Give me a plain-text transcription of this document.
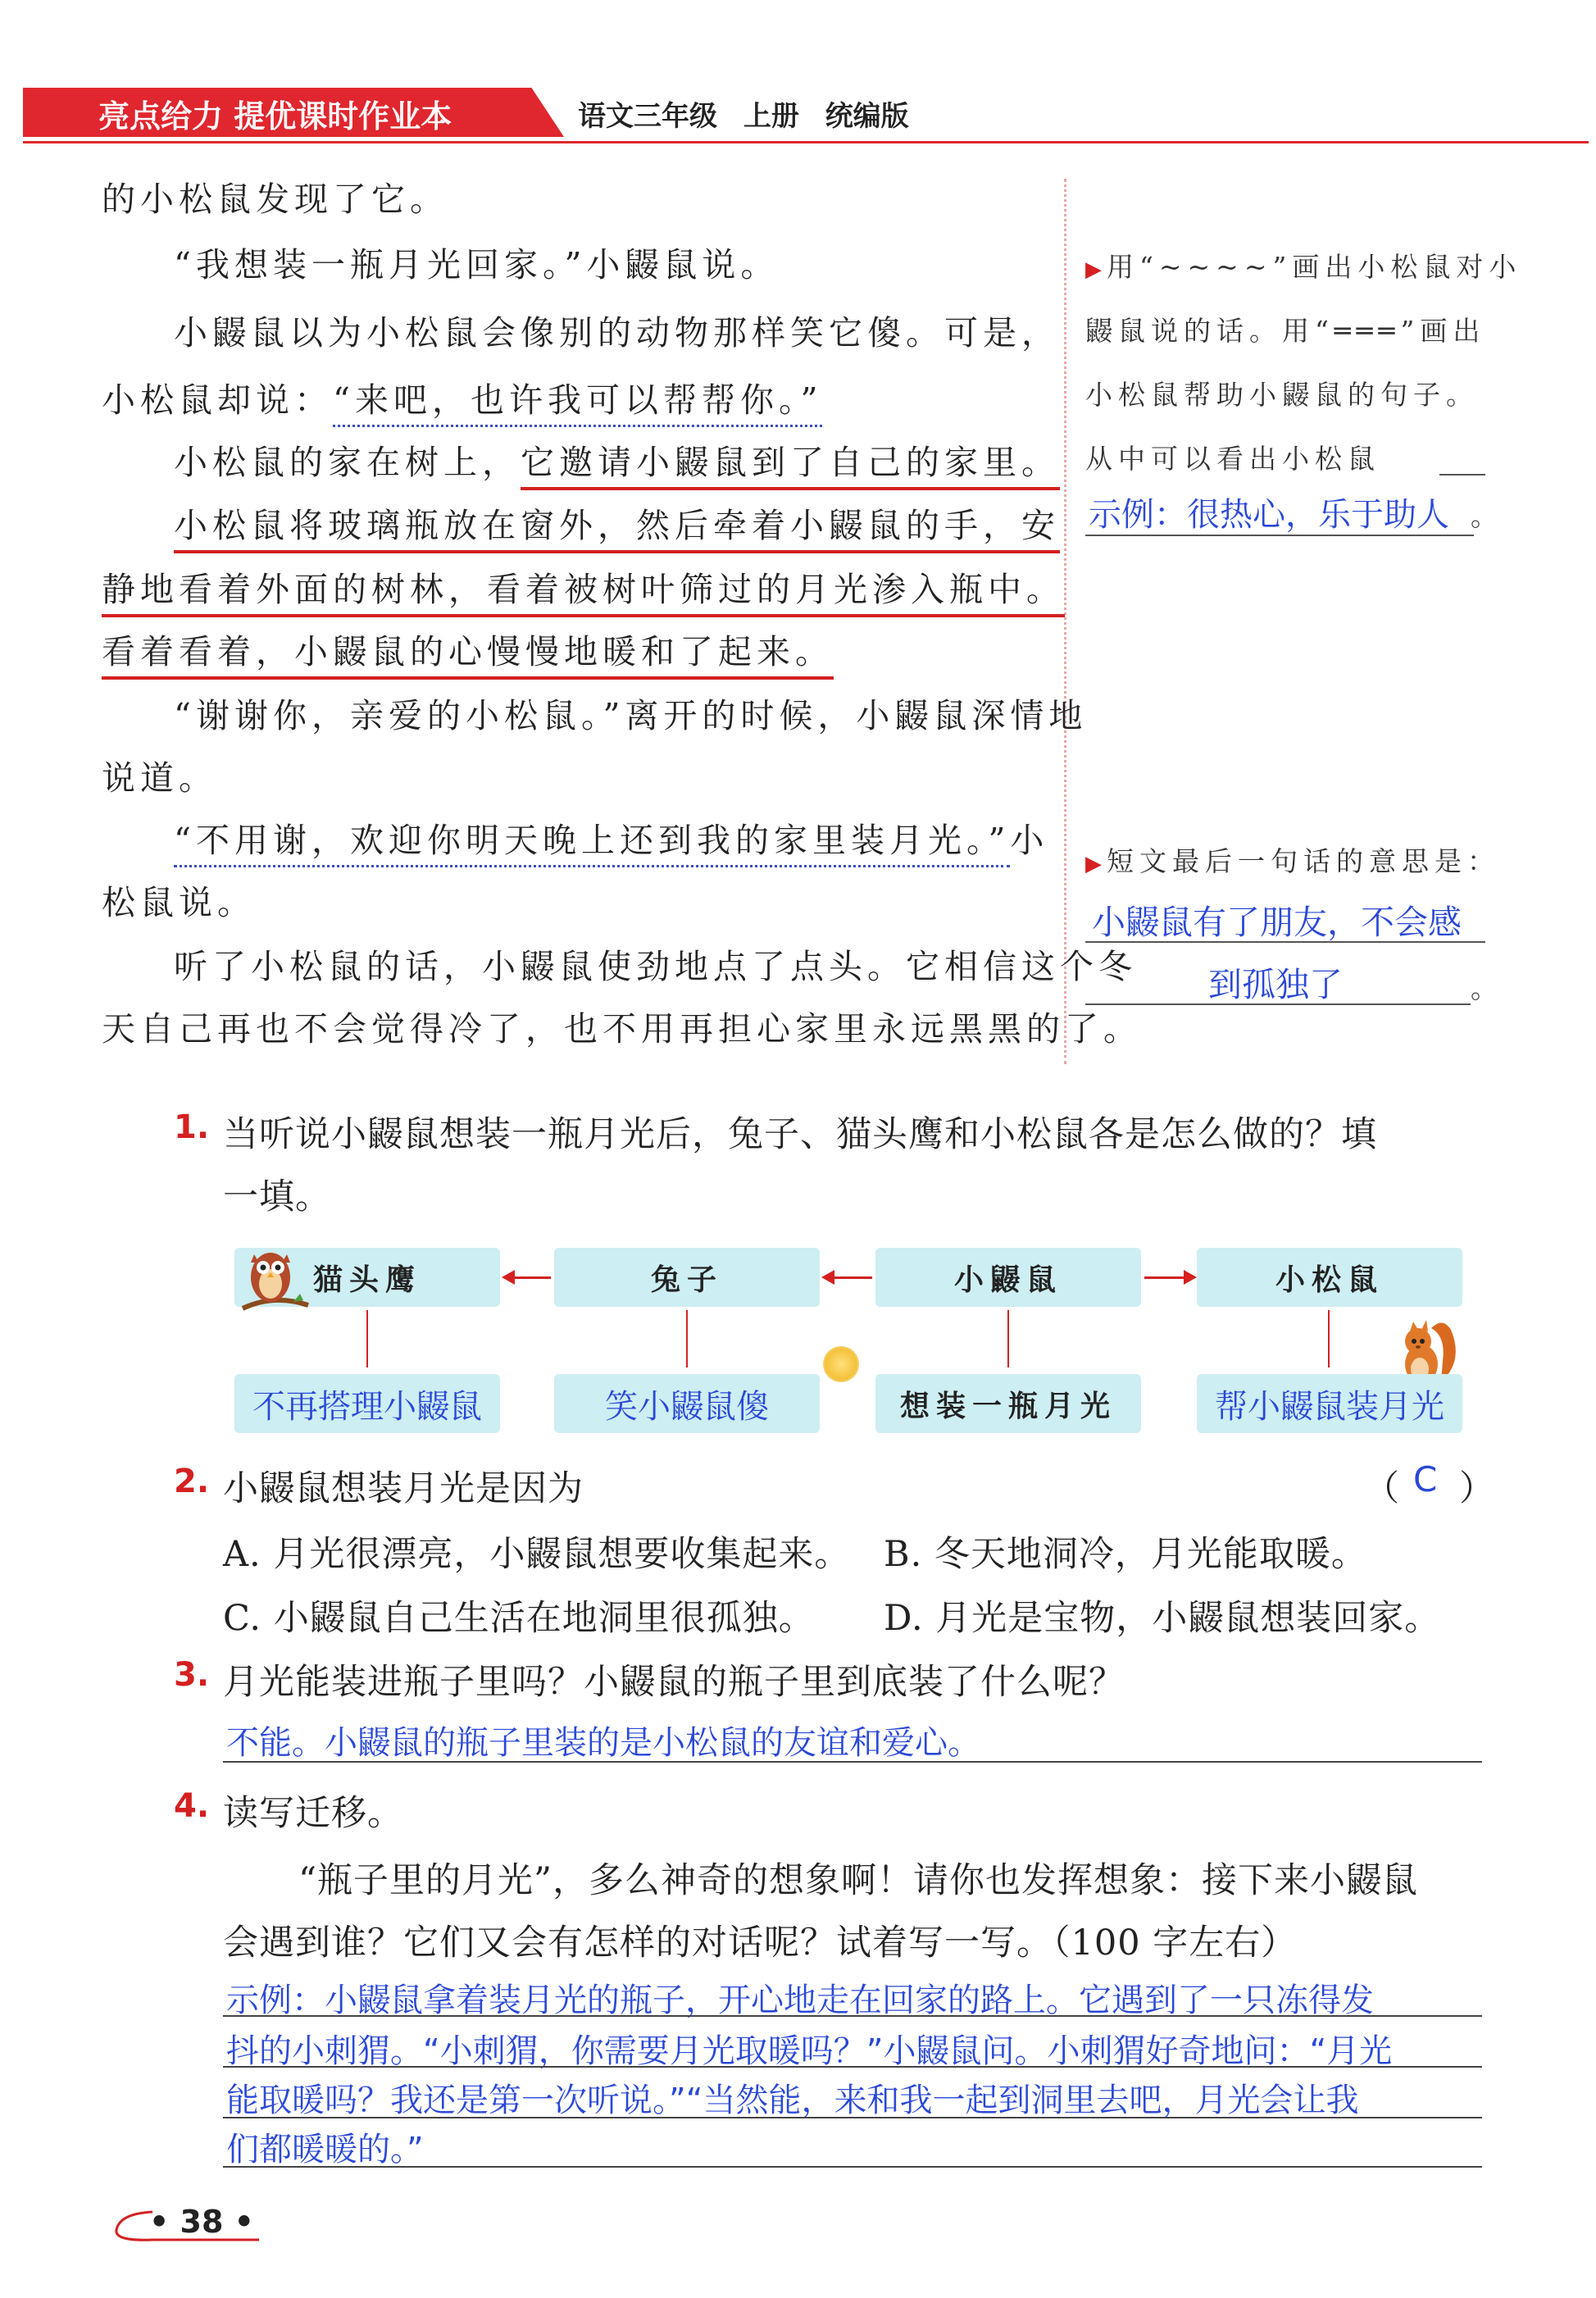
亮点给力 提优课时作业本	语文三年级 上册 统编版
的小松鼠发现了它。
“我想装一瓶月光回家。”小鼹鼠说。
小鼹鼠以为小松鼠会像别的动物那样笑它傻。可是，
小松鼠却说：“来吧，也许我可以帮帮你。”
小松鼠的家在树上，它邀请小鼹鼠到了自己的家里。
小松鼠将玻璃瓶放在窗外，然后牵着小鼹鼠的手，安
静地看着外面的树林，看着被树叶筛过的月光渗入瓶中。
看着看着，小鼹鼠的心慢慢地暖和了起来。
“谢谢你，亲爱的小松鼠。”离开的时候，小鼹鼠深情地
说道。
“不用谢，欢迎你明天晚上还到我的家里装月光。”小
松鼠说。
听了小松鼠的话，小鼹鼠使劲地点了点头。它相信这个冬
天自己再也不会觉得冷了，也不用再担心家里永远黑黑的了。
▶ 用“~~~~”画出小松鼠对小
鼹鼠说的话。用“═══”画出
小松鼠帮助小鼹鼠的句子。
从中可以看出小松鼠
示例：很热心，乐于助人 。
▶ 短文最后一句话的意思是：
小鼹鼠有了朋友，不会感
到孤独了	。
1. 当听说小鼹鼠想装一瓶月光后，兔子、猫头鹰和小松鼠各是怎么做的？填
一填。
猫头鹰	兔子	小鼹鼠	小松鼠
不再搭理小鼹鼠	笑小鼹鼠傻	想装一瓶月光	帮小鼹鼠装月光
2. 小鼹鼠想装月光是因为	（ C ）
A. 月光很漂亮，小鼹鼠想要收集起来。 B. 冬天地洞冷，月光能取暖。
C. 小鼹鼠自己生活在地洞里很孤独。 D. 月光是宝物，小鼹鼠想装回家。
3. 月光能装进瓶子里吗？小鼹鼠的瓶子里到底装了什么呢？
不能。小鼹鼠的瓶子里装的是小松鼠的友谊和爱心。
4. 读写迁移。
“瓶子里的月光”，多么神奇的想象啊！请你也发挥想象：接下来小鼹鼠
会遇到谁？它们又会有怎样的对话呢？试着写一写。（100 字左右）
示例：小鼹鼠拿着装月光的瓶子，开心地走在回家的路上。它遇到了一只冻得发
抖的小刺猬。“小刺猬，你需要月光取暖吗？”小鼹鼠问。小刺猬好奇地问：“月光
能取暖吗？我还是第一次听说。”“当然能，来和我一起到洞里去吧，月光会让我
们都暖暖的。”
• 38 •
